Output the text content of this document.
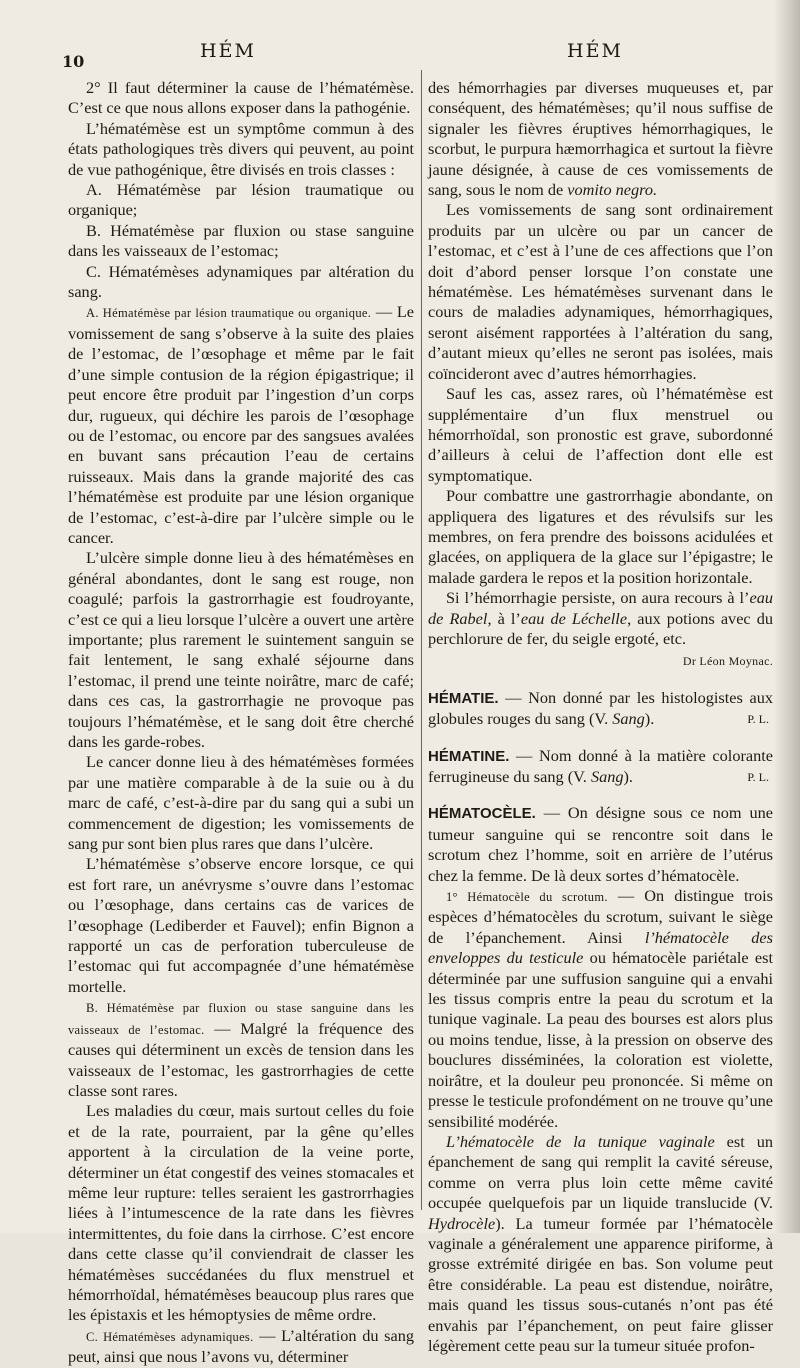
10	HÉM	HÉM

2° Il faut déterminer la cause de l’hématémèse. C’est ce que nous allons exposer dans la pathogénie.

L’hématémèse est un symptôme commun à des états pathologiques très divers qui peuvent, au point de vue pathogénique, être divisés en trois classes :

A. Hématémèse par lésion traumatique ou organique;

B. Hématémèse par fluxion ou stase sanguine dans les vaisseaux de l’estomac;

C. Hématémèses adynamiques par altération du sang.

A. Hématémèse par lésion traumatique ou organique. — Le vomissement de sang s’observe à la suite des plaies de l’estomac, de l’œsophage et même par le fait d’une simple contusion de la région épigastrique; il peut encore être produit par l’ingestion d’un corps dur, rugueux, qui déchire les parois de l’œsophage ou de l’estomac, ou encore par des sangsues avalées en buvant sans précaution l’eau de certains ruisseaux. Mais dans la grande majorité des cas l’hématémèse est produite par une lésion organique de l’estomac, c’est-à-dire par l’ulcère simple ou le cancer.

L’ulcère simple donne lieu à des hématémèses en général abondantes, dont le sang est rouge, non coagulé; parfois la gastrorrhagie est foudroyante, c’est ce qui a lieu lorsque l’ulcère a ouvert une artère importante; plus rarement le suintement sanguin se fait lentement, le sang exhalé séjourne dans l’estomac, il prend une teinte noirâtre, marc de café; dans ces cas, la gastrorrhagie ne provoque pas toujours l’hématémèse, et le sang doit être cherché dans les garde-robes.

Le cancer donne lieu à des hématémèses formées par une matière comparable à de la suie ou à du marc de café, c’est-à-dire par du sang qui a subi un commencement de digestion; les vomissements de sang pur sont bien plus rares que dans l’ulcère.

L’hématémèse s’observe encore lorsque, ce qui est fort rare, un anévrysme s’ouvre dans l’estomac ou l’œsophage, dans certains cas de varices de l’œsophage (Lediberder et Fauvel); enfin Bignon a rapporté un cas de perforation tuberculeuse de l’estomac qui fut accompagnée d’une hématémèse mortelle.

B. Hématémèse par fluxion ou stase sanguine dans les vaisseaux de l’estomac. — Malgré la fréquence des causes qui déterminent un excès de tension dans les vaisseaux de l’estomac, les gastrorrhagies de cette classe sont rares.

Les maladies du cœur, mais surtout celles du foie et de la rate, pourraient, par la gêne qu’elles apportent à la circulation de la veine porte, déterminer un état congestif des veines stomacales et même leur rupture: telles seraient les gastrorrhagies liées à l’intumescence de la rate dans les fièvres intermittentes, du foie dans la cirrhose. C’est encore dans cette classe qu’il conviendrait de classer les hématémèses succédanées du flux menstruel et hémorrhoïdal, hématémèses beaucoup plus rares que les épistaxis et les hémoptysies de même ordre.

C. Hématémèses adynamiques. — L’altération du sang peut, ainsi que nous l’avons vu, déterminer

des hémorrhagies par diverses muqueuses et, par conséquent, des hématémèses; qu’il nous suffise de signaler les fièvres éruptives hémorrhagiques, le scorbut, le purpura hæmorrhagica et surtout la fièvre jaune désignée, à cause de ces vomissements de sang, sous le nom de vomito negro.

Les vomissements de sang sont ordinairement produits par un ulcère ou par un cancer de l’estomac, et c’est à l’une de ces affections que l’on doit d’abord penser lorsque l’on constate une hématémèse. Les hématémèses survenant dans le cours de maladies adynamiques, hémorrhagiques, seront aisément rapportées à l’altération du sang, d’autant mieux qu’elles ne seront pas isolées, mais coïncideront avec d’autres hémorrhagies.

Sauf les cas, assez rares, où l’hématémèse est supplémentaire d’un flux menstruel ou hémorrhoïdal, son pronostic est grave, subordonné d’ailleurs à celui de l’affection dont elle est symptomatique.

Pour combattre une gastrorrhagie abondante, on appliquera des ligatures et des révulsifs sur les membres, on fera prendre des boissons acidulées et glacées, on appliquera de la glace sur l’épigastre; le malade gardera le repos et la position horizontale.

Si l’hémorrhagie persiste, on aura recours à l’eau de Rabel, à l’eau de Léchelle, aux potions avec du perchlorure de fer, du seigle ergoté, etc.

Dr Léon Moynac.

HÉMATIE. — Non donné par les histologistes aux globules rouges du sang (V. Sang).	P. L.

HÉMATINE. — Nom donné à la matière colorante ferrugineuse du sang (V. Sang).	P. L.

HÉMATOCÈLE. — On désigne sous ce nom une tumeur sanguine qui se rencontre soit dans le scrotum chez l’homme, soit en arrière de l’utérus chez la femme. De là deux sortes d’hématocèle.

1° Hématocèle du scrotum. — On distingue trois espèces d’hématocèles du scrotum, suivant le siège de l’épanchement. Ainsi l’hématocèle des enveloppes du testicule ou hématocèle pariétale est déterminée par une suffusion sanguine qui a envahi les tissus compris entre la peau du scrotum et la tunique vaginale. La peau des bourses est alors plus ou moins tendue, lisse, à la pression on observe des bouclures disséminées, la coloration est violette, noirâtre, et la douleur peu prononcée. Si même on presse le testicule profondément on ne trouve qu’une sensibilité modérée.

L’hématocèle de la tunique vaginale est un épanchement de sang qui remplit la cavité séreuse, comme on verra plus loin cette même cavité occupée quelquefois par un liquide translucide (V. Hydrocèle). La tumeur formée par l’hématocèle vaginale a généralement une apparence piriforme, à grosse extrémité dirigée en bas. Son volume peut être considérable. La peau est distendue, noirâtre, mais quand les tissus sous-cutanés n’ont pas été envahis par l’épanchement, on peut faire glisser légèrement cette peau sur la tumeur située profon-
